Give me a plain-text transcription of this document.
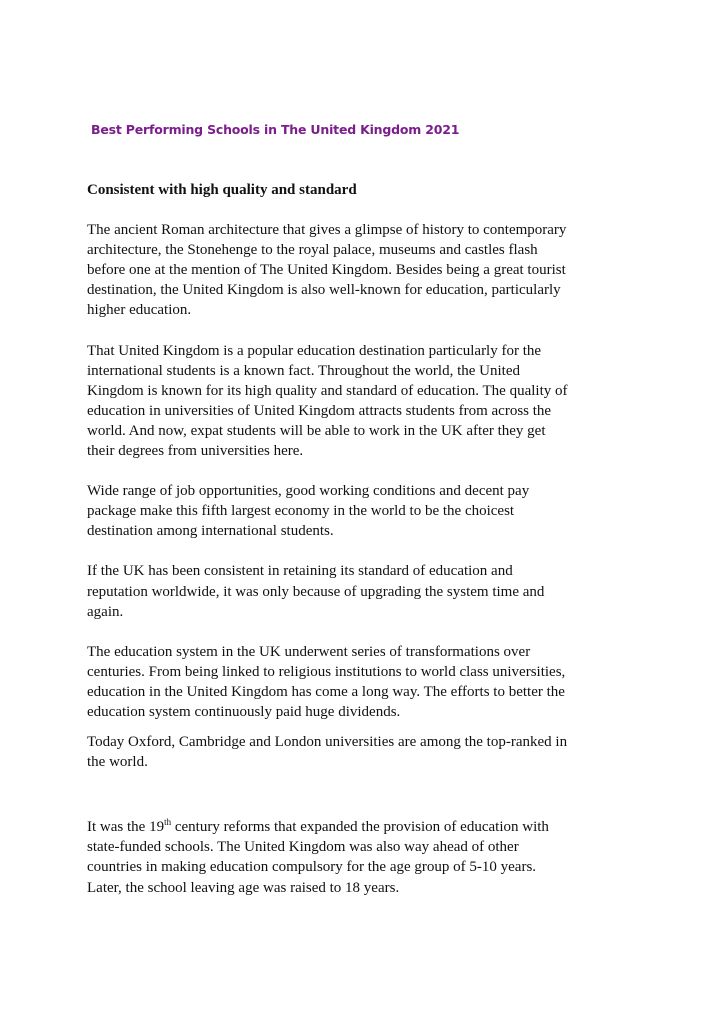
Best Performing Schools in The United Kingdom 2021

Consistent with high quality and standard

The ancient Roman architecture that gives a glimpse of history to contemporary
architecture, the Stonehenge to the royal palace, museums and castles flash
before one at the mention of The United Kingdom. Besides being a great tourist
destination, the United Kingdom is also well-known for education, particularly
higher education.

That United Kingdom is a popular education destination particularly for the
international students is a known fact. Throughout the world, the United
Kingdom is known for its high quality and standard of education. The quality of
education in universities of United Kingdom attracts students from across the
world. And now, expat students will be able to work in the UK after they get
their degrees from universities here.

Wide range of job opportunities, good working conditions and decent pay
package make this fifth largest economy in the world to be the choicest
destination among international students.

If the UK has been consistent in retaining its standard of education and
reputation worldwide, it was only because of upgrading the system time and
again.

The education system in the UK underwent series of transformations over
centuries. From being linked to religious institutions to world class universities,
education in the United Kingdom has come a long way. The efforts to better the
education system continuously paid huge dividends.

Today Oxford, Cambridge and London universities are among the top-ranked in
the world.

It was the 19th century reforms that expanded the provision of education with
state-funded schools. The United Kingdom was also way ahead of other
countries in making education compulsory for the age group of 5-10 years.
Later, the school leaving age was raised to 18 years.
